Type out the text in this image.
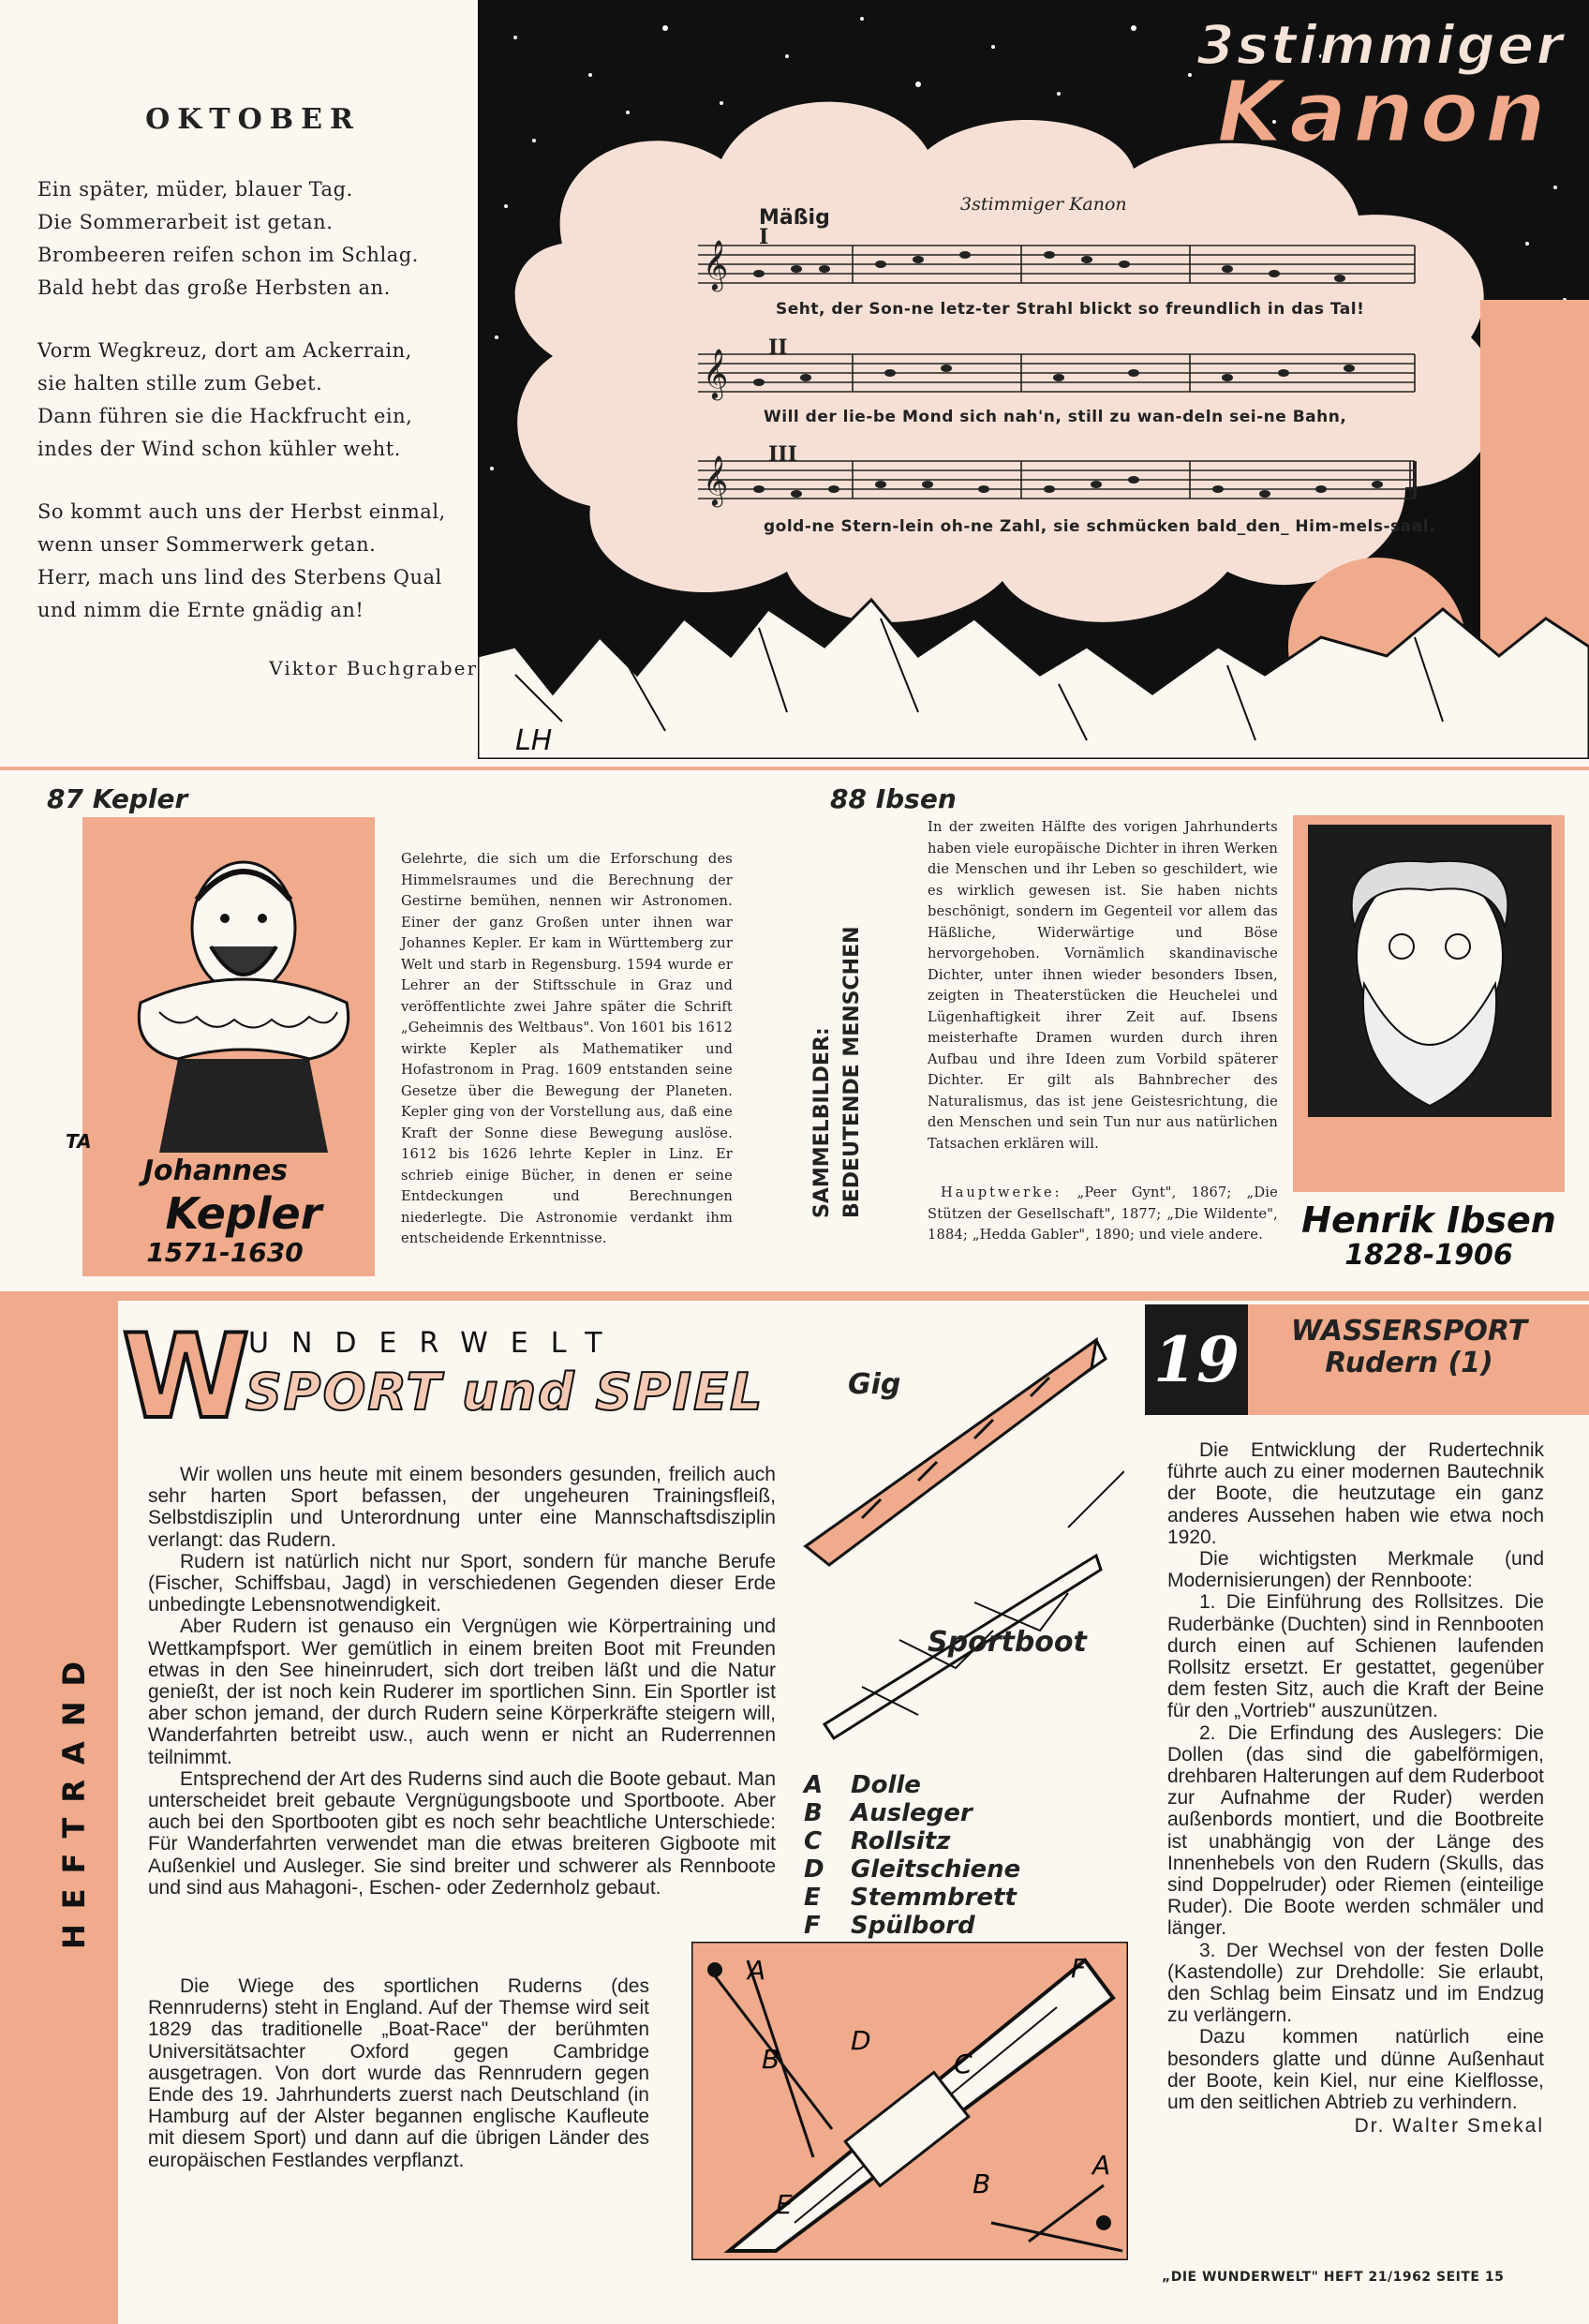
OKTOBER
Ein später, müder, blauer Tag.
Die Sommerarbeit ist getan.
Brombeeren reifen schon im Schlag.
Bald hebt das große Herbsten an.
Vorm Wegkreuz, dort am Ackerrain,
sie halten stille zum Gebet.
Dann führen sie die Hackfrucht ein,
indes der Wind schon kühler weht.
So kommt auch uns der Herbst einmal,
wenn unser Sommerwerk getan.
Herr, mach uns lind des Sterbens Qual
und nimm die Ernte gnädig an!
Viktor Buchgraber
𝄞
𝄞
𝄞
LH
3stimmiger
Kanon
3stimmiger Kanon
Mäßig
I
II
III
Seht, der Son-ne letz-ter Strahl blickt so freundlich in das Tal!
Will der lie-be Mond sich nah'n, still zu wan-deln sei-ne Bahn,
gold-ne Stern-lein oh-ne Zahl, sie schmücken bald_den_ Him-mels-saal.
87 Kepler
Johannes
Kepler
1571-1630
TA
Gelehrte, die sich um die Erforschung des Himmelsraumes und die Berechnung der Gestirne bemühen, nennen wir Astronomen. Einer der ganz Großen unter ihnen war Johannes Kepler. Er kam in Württemberg zur Welt und starb in Regensburg. 1594 wurde er Lehrer an der Stiftsschule in Graz und veröffentlichte zwei Jahre später die Schrift „Geheimnis des Weltbaus". Von 1601 bis 1612 wirkte Kepler als Mathematiker und Hofastronom in Prag. 1609 entstanden seine Gesetze über die Bewegung der Planeten. Kepler ging von der Vorstellung aus, daß eine Kraft der Sonne diese Bewegung auslöse. 1612 bis 1626 lehrte Kepler in Linz. Er schrieb einige Bücher, in denen er seine Entdeckungen und Berechnungen niederlegte. Die Astronomie verdankt ihm entscheidende Erkenntnisse.
SAMMELBILDER: BEDEUTENDE MENSCHEN
88 Ibsen
In der zweiten Hälfte des vorigen Jahrhunderts haben viele europäische Dichter in ihren Werken die Menschen und ihr Leben so geschildert, wie es wirklich gewesen ist. Sie haben nichts beschönigt, sondern im Gegenteil vor allem das Häßliche, Widerwärtige und Böse hervorgehoben. Vornämlich skandinavische Dichter, unter ihnen wieder besonders Ibsen, zeigten in Theaterstücken die Heuchelei und Lügenhaftigkeit ihrer Zeit auf. Ibsens meisterhafte Dramen wurden durch ihren Aufbau und ihre Ideen zum Vorbild späterer Dichter. Er gilt als Bahnbrecher des Naturalismus, das ist jene Geistesrichtung, die den Menschen und sein Tun nur aus natürlichen Tatsachen erklären will.
Hauptwerke: „Peer Gynt", 1867; „Die Stützen der Gesellschaft", 1877; „Die Wildente", 1884; „Hedda Gabler", 1890; und viele andere.	Henrik Ibsen
1828-1906
HEFTRAND
W
UNDERWELT
SPORT und SPIEL

Wir wollen uns heute mit einem besonders gesunden, freilich auch sehr harten Sport befassen, der ungeheuren Trainingsfleiß, Selbstdisziplin und Unterordnung unter eine Mannschaftsdisziplin verlangt: das Rudern.

Rudern ist natürlich nicht nur Sport, sondern für manche Berufe (Fischer, Schiffsbau, Jagd) in verschiedenen Gegenden dieser Erde unbedingte Lebensnotwendigkeit.

Aber Rudern ist genauso ein Vergnügen wie Körpertraining und Wettkampfsport. Wer gemütlich in einem breiten Boot mit Freunden etwas in den See hineinrudert, sich dort treiben läßt und die Natur genießt, der ist noch kein Ruderer im sportlichen Sinn. Ein Sportler ist aber schon jemand, der durch Rudern seine Körperkräfte steigern will, Wanderfahrten betreibt usw., auch wenn er nicht an Ruderrennen teilnimmt.

Entsprechend der Art des Ruderns sind auch die Boote gebaut. Man unterscheidet breit gebaute Vergnügungsboote und Sportboote. Aber auch bei den Sportbooten gibt es noch sehr beachtliche Unterschiede: Für Wanderfahrten verwendet man die etwas breiteren Gigboote mit Außenkiel und Ausleger. Sie sind breiter und schwerer als Rennboote und sind aus Mahagoni-, Eschen- oder Zedernholz gebaut.

Die Wiege des sportlichen Ruderns (des Rennruderns) steht in England. Auf der Themse wird seit 1829 das traditionelle „Boat-Race" der berühmten Universitätsachter Oxford gegen Cambridge ausgetragen. Von dort wurde das Rennrudern gegen Ende des 19. Jahrhunderts zuerst nach Deutschland (in Hamburg auf der Alster begannen englische Kaufleute mit diesem Sport) und dann auf die übrigen Länder des europäischen Festlandes verpflanzt.

Gig
Sportboot
A Dolle
B Ausleger
C Rollsitz
D Gleitschiene
E Stemmbrett
F Spülbord
A
B
D
C
F
B
E
A
19	WASSERSPORT
Rudern (1)

Die Entwicklung der Rudertechnik führte auch zu einer modernen Bautechnik der Boote, die heutzutage ein ganz anderes Aussehen haben wie etwa noch 1920.

Die wichtigsten Merkmale (und Modernisierungen) der Rennboote:

1. Die Einführung des Rollsitzes. Die Ruderbänke (Duchten) sind in Rennbooten durch einen auf Schienen laufenden Rollsitz ersetzt. Er gestattet, gegenüber dem festen Sitz, auch die Kraft der Beine für den „Vortrieb" auszunützen.

2. Die Erfindung des Auslegers: Die Dollen (das sind die gabelförmigen, drehbaren Halterungen auf dem Ruderboot zur Aufnahme der Ruder) werden außenbords montiert, und die Bootbreite ist unabhängig von der Länge des Innenhebels von den Rudern (Skulls, das sind Doppelruder) oder Riemen (einteilige Ruder). Die Boote werden schmäler und länger.

3. Der Wechsel von der festen Dolle (Kastendolle) zur Drehdolle: Sie erlaubt, den Schlag beim Einsatz und im Endzug zu verlängern.

Dazu kommen natürlich eine besonders glatte und dünne Außenhaut der Boote, kein Kiel, nur eine Kielflosse, um den seitlichen Abtrieb zu verhindern.

Dr. Walter Smekal
„DIE WUNDERWELT" HEFT 21/1962 SEITE 15
